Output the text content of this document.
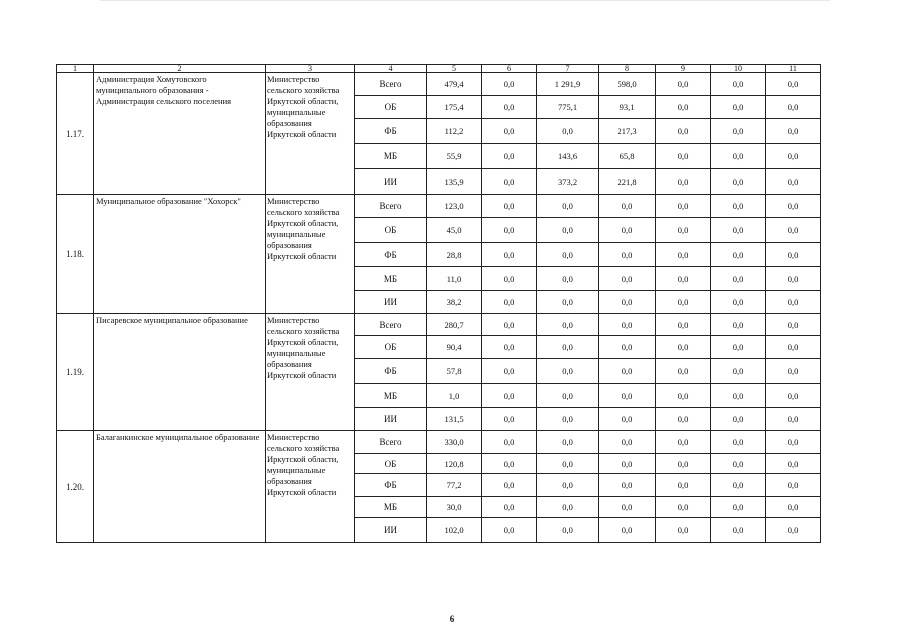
1	2	3	4	5	6	7	8	9	10	11
1.17.	Администрация Хомутовского муниципального образования - Администрация сельского поселения	Министерство сельского хозяйства Иркутской области, муниципальные образования Иркутской области	Всего	479,4	0,0	1 291,9	598,0	0,0	0,0	0,0
			ОБ	175,4	0,0	775,1	93,1	0,0	0,0	0,0
			ФБ	112,2	0,0	0,0	217,3	0,0	0,0	0,0
			МБ	55,9	0,0	143,6	65,8	0,0	0,0	0,0
			ИИ	135,9	0,0	373,2	221,8	0,0	0,0	0,0
1.18.	Муниципальное образование "Хохорск"	Министерство сельского хозяйства Иркутской области, муниципальные образования Иркутской области	Всего	123,0	0,0	0,0	0,0	0,0	0,0	0,0
			ОБ	45,0	0,0	0,0	0,0	0,0	0,0	0,0
			ФБ	28,8	0,0	0,0	0,0	0,0	0,0	0,0
			МБ	11,0	0,0	0,0	0,0	0,0	0,0	0,0
			ИИ	38,2	0,0	0,0	0,0	0,0	0,0	0,0
1.19.	Писаревское муниципальное образование	Министерство сельского хозяйства Иркутской области, муниципальные образования Иркутской области	Всего	280,7	0,0	0,0	0,0	0,0	0,0	0,0
			ОБ	90,4	0,0	0,0	0,0	0,0	0,0	0,0
			ФБ	57,8	0,0	0,0	0,0	0,0	0,0	0,0
			МБ	1,0	0,0	0,0	0,0	0,0	0,0	0,0
			ИИ	131,5	0,0	0,0	0,0	0,0	0,0	0,0
1.20.	Балаганкинское муниципальное образование	Министерство сельского хозяйства Иркутской области, муниципальные образования Иркутской области	Всего	330,0	0,0	0,0	0,0	0,0	0,0	0,0
			ОБ	120,8	0,0	0,0	0,0	0,0	0,0	0,0
			ФБ	77,2	0,0	0,0	0,0	0,0	0,0	0,0
			МБ	30,0	0,0	0,0	0,0	0,0	0,0	0,0
			ИИ	102,0	0,0	0,0	0,0	0,0	0,0	0,0
6
